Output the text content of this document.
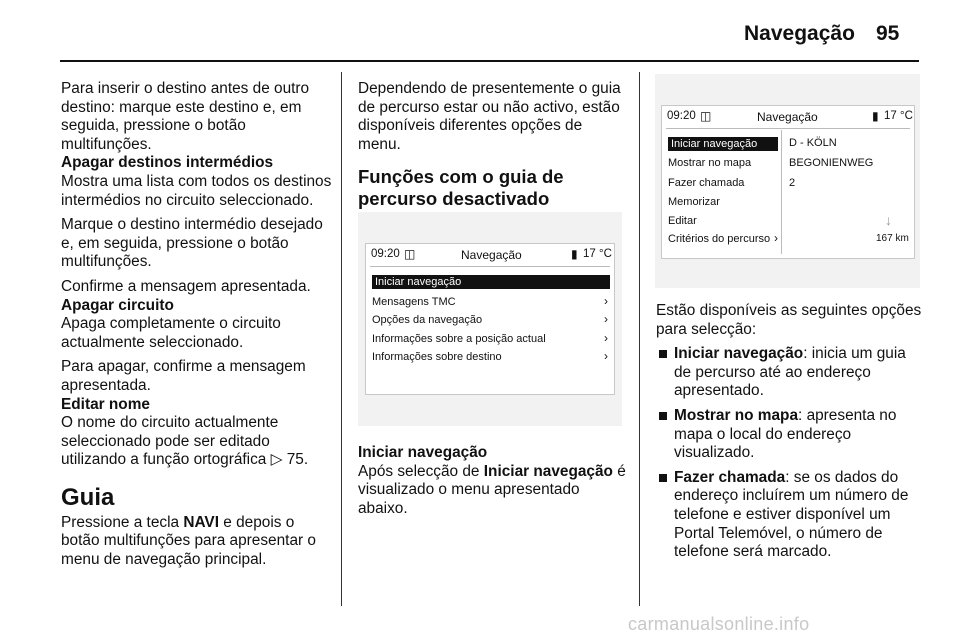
Navegação 95

Para inserir o destino antes de outro destino: marque este destino e, em seguida, pressione o botão multifunções.

Apagar destinos intermédios

Mostra uma lista com todos os destinos intermédios no circuito seleccionado.

Marque o destino intermédio desejado e, em seguida, pressione o botão multifunções.

Confirme a mensagem apresentada.

Apagar circuito

Apaga completamente o circuito actualmente seleccionado.

Para apagar, confirme a mensagem apresentada.

Editar nome

O nome do circuito actualmente seleccionado pode ser editado utilizando a função ortográfica ▷ 75.

Guia

Pressione a tecla NAVI e depois o botão multifunções para apresentar o menu de navegação principal.

Dependendo de presentemente o guia de percurso estar ou não activo, estão disponíveis diferentes opções de menu.

Funções com o guia de percurso desactivado
09:20 ◫	Navegação	▮ 17 °C
Iniciar navegação
Mensagens TMC	›
Opções da navegação	›
Informações sobre a posição actual	›
Informações sobre destino	›

Iniciar navegação

Após selecção de Iniciar navegação é visualizado o menu apresentado abaixo.

09:20 ◫	Navegação	▮ 17 °C
Iniciar navegação
Mostrar no mapa
Fazer chamada
Memorizar
Editar
Critérios do percurso ›
D - KÖLN
BEGONIENWEG
2
↓
167 km

Estão disponíveis as seguintes opções para selecção:

Iniciar navegação: inicia um guia de percurso até ao endereço apresentado.
Mostrar no mapa: apresenta no mapa o local do endereço visualizado.
Fazer chamada: se os dados do endereço incluírem um número de telefone e estiver disponível um Portal Telemóvel, o número de telefone será marcado.
carmanualsonline.info
